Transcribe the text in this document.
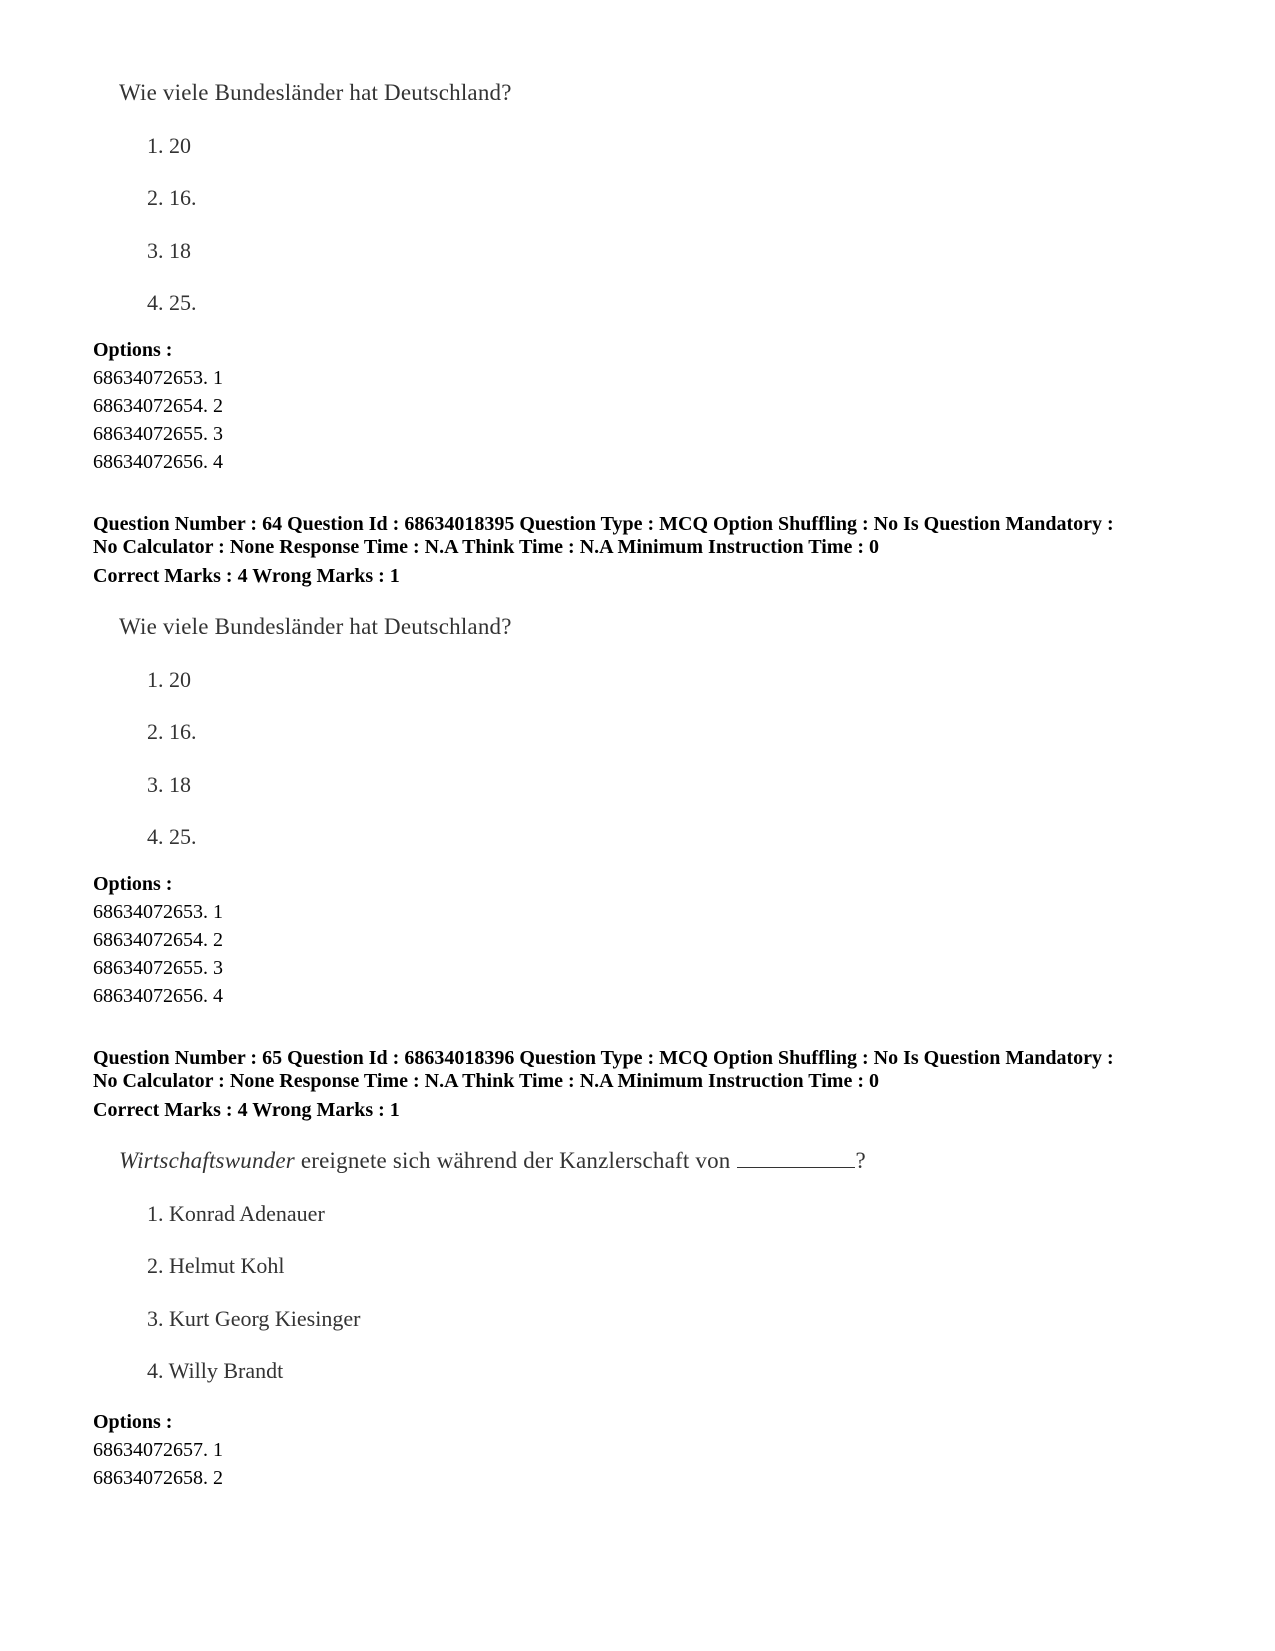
Wie viele Bundesländer hat Deutschland?
1. 20
2. 16.
3. 18
4. 25.
Options :
68634072653. 1
68634072654. 2
68634072655. 3
68634072656. 4
Question Number : 64 Question Id : 68634018395 Question Type : MCQ Option Shuffling : No Is Question Mandatory :
No Calculator : None Response Time : N.A Think Time : N.A Minimum Instruction Time : 0
Correct Marks : 4 Wrong Marks : 1
Wie viele Bundesländer hat Deutschland?
1. 20
2. 16.
3. 18
4. 25.
Options :
68634072653. 1
68634072654. 2
68634072655. 3
68634072656. 4
Question Number : 65 Question Id : 68634018396 Question Type : MCQ Option Shuffling : No Is Question Mandatory :
No Calculator : None Response Time : N.A Think Time : N.A Minimum Instruction Time : 0
Correct Marks : 4 Wrong Marks : 1
Wirtschaftswunder ereignete sich während der Kanzlerschaft von	?
1. Konrad Adenauer
2. Helmut Kohl
3. Kurt Georg Kiesinger
4. Willy Brandt
Options :
68634072657. 1
68634072658. 2
